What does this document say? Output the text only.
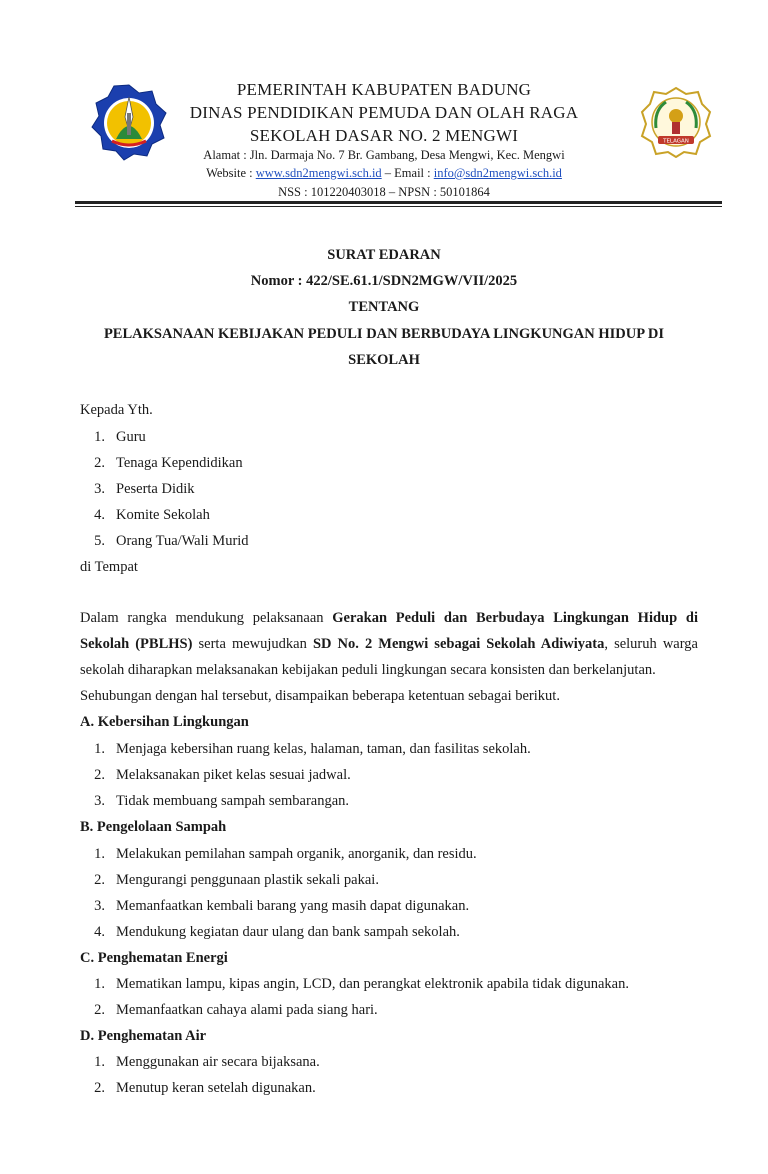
TELAGAN
PEMERINTAH KABUPATEN BADUNG
DINAS PENDIDIKAN PEMUDA DAN OLAH RAGA
SEKOLAH DASAR NO. 2 MENGWI
Alamat : Jln. Darmaja No. 7 Br. Gambang, Desa Mengwi, Kec. Mengwi
Website : www.sdn2mengwi.sch.id – Email : info@sdn2mengwi.sch.id
NSS : 101220403018 – NPSN : 50101864
SURAT EDARAN
Nomor : 422/SE.61.1/SDN2MGW/VII/2025
TENTANG
PELAKSANAAN KEBIJAKAN PEDULI DAN BERBUDAYA LINGKUNGAN HIDUP DI
SEKOLAH
Kepada Yth.
1. Guru
2. Tenaga Kependidikan
3. Peserta Didik
4. Komite Sekolah
5. Orang Tua/Wali Murid
di Tempat
Dalam rangka mendukung pelaksanaan Gerakan Peduli dan Berbudaya Lingkungan Hidup di
Sekolah (PBLHS) serta mewujudkan SD No. 2 Mengwi sebagai Sekolah Adiwiyata, seluruh warga
sekolah diharapkan melaksanakan kebijakan peduli lingkungan secara konsisten dan berkelanjutan.
Sehubungan dengan hal tersebut, disampaikan beberapa ketentuan sebagai berikut.
A. Kebersihan Lingkungan
1. Menjaga kebersihan ruang kelas, halaman, taman, dan fasilitas sekolah.
2. Melaksanakan piket kelas sesuai jadwal.
3. Tidak membuang sampah sembarangan.
B. Pengelolaan Sampah
1. Melakukan pemilahan sampah organik, anorganik, dan residu.
2. Mengurangi penggunaan plastik sekali pakai.
3. Memanfaatkan kembali barang yang masih dapat digunakan.
4. Mendukung kegiatan daur ulang dan bank sampah sekolah.
C. Penghematan Energi
1. Mematikan lampu, kipas angin, LCD, dan perangkat elektronik apabila tidak digunakan.
2. Memanfaatkan cahaya alami pada siang hari.
D. Penghematan Air
1. Menggunakan air secara bijaksana.
2. Menutup keran setelah digunakan.
